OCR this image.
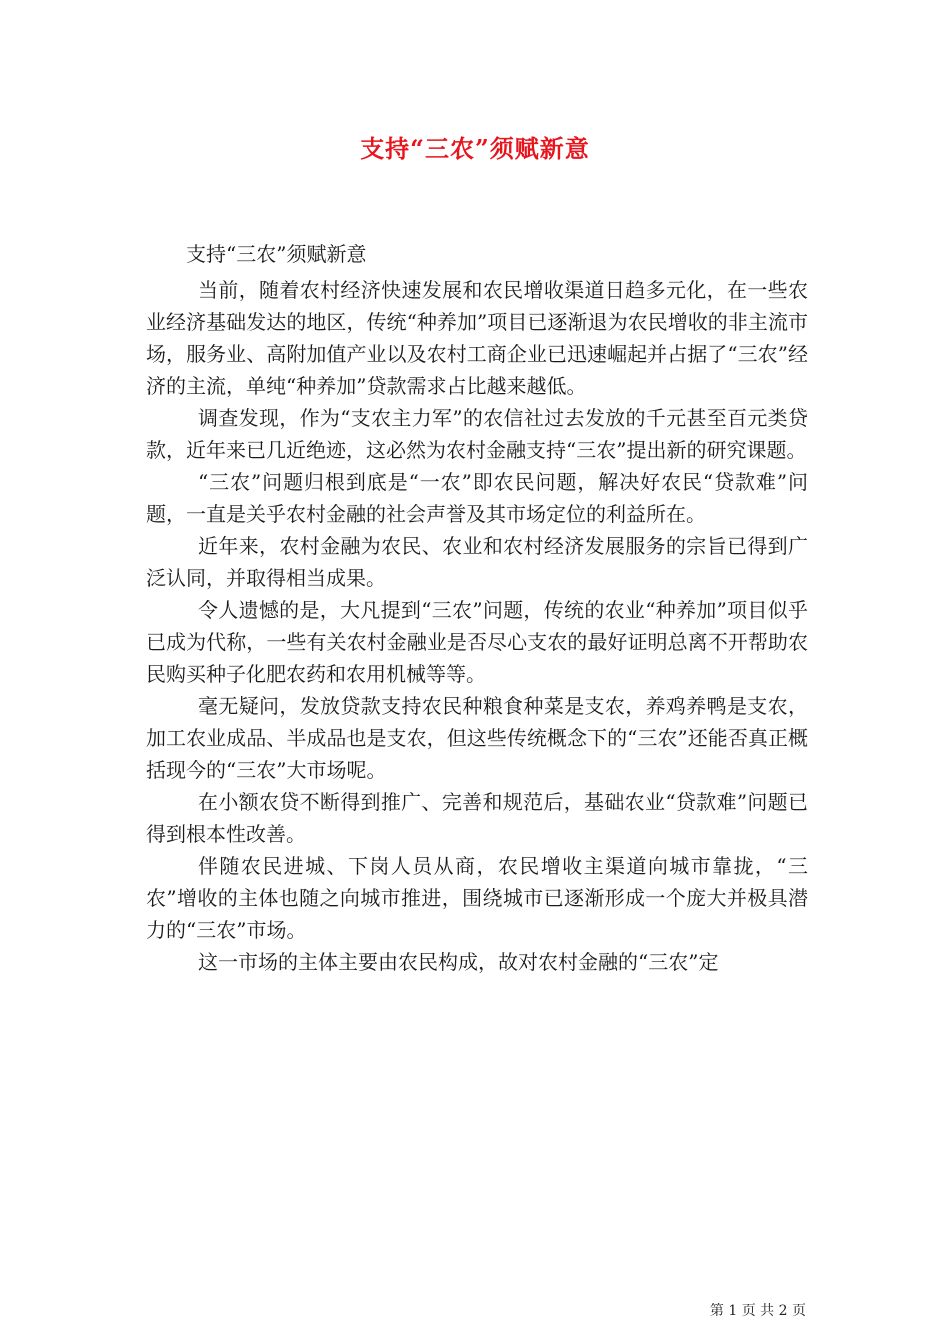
支持“三农”须赋新意

支持“三农”须赋新意

当前，随着农村经济快速发展和农民增收渠道日趋多元化，在一些农业经济基础发达的地区，传统“种养加”项目已逐渐退为农民增收的非主流市场，服务业、高附加值产业以及农村工商企业已迅速崛起并占据了“三农”经济的主流，单纯“种养加”贷款需求占比越来越低。

调查发现，作为“支农主力军”的农信社过去发放的千元甚至百元类贷款，近年来已几近绝迹，这必然为农村金融支持“三农”提出新的研究课题。

“三农”问题归根到底是“一农”即农民问题，解决好农民“贷款难”问题，一直是关乎农村金融的社会声誉及其市场定位的利益所在。

近年来，农村金融为农民、农业和农村经济发展服务的宗旨已得到广泛认同，并取得相当成果。

令人遗憾的是，大凡提到“三农”问题，传统的农业“种养加”项目似乎已成为代称，一些有关农村金融业是否尽心支农的最好证明总离不开帮助农民购买种子化肥农药和农用机械等等。

毫无疑问，发放贷款支持农民种粮食种菜是支农，养鸡养鸭是支农，加工农业成品、半成品也是支农，但这些传统概念下的“三农”还能否真正概括现今的“三农”大市场呢。

在小额农贷不断得到推广、完善和规范后，基础农业“贷款难”问题已得到根本性改善。

伴随农民进城、下岗人员从商，农民增收主渠道向城市靠拢，“三农”增收的主体也随之向城市推进，围绕城市已逐渐形成一个庞大并极具潜力的“三农”市场。

这一市场的主体主要由农民构成，故对农村金融的“三农”定

第 1 页 共 2 页
